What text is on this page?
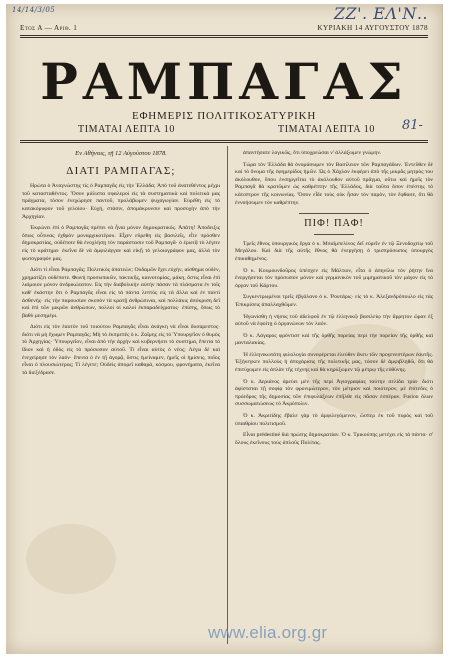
14/14/3/05	ZZ'. ΕΛ'Ν..
Ετος Α — Αριθ. 1	ΚΥΡΙΑΚΗ 14 ΑΥΓΟΥΣΤΟΥ 1878
ΡΑΜΠΑΓΑΣ
ΕΦΗΜΕΡΙΣ ΠΟΛΙΤΙΚΟΣΑΤΥΡΙΚΗ
ΤΙΜΑΤΑΙ ΛΕΠΤΑ 10	ΤΙΜΑΤΑΙ ΛΕΠΤΑ 10 81-
Εν Αθήναις, τῇ 12 Αὐγούστου 1878.
ΔΙΑΤΙ ΡΑΜΠΑΓΑΣ;

Ηρώτα ὁ Ἀναγνώστης τίς ὁ Ραμπαγᾶς εἰς τὴν Ἑλλάδα; Ἀπὸ τοῦ ἀνατεθέντος μέχρι τοῦ κατασταθέντος. Ὅσον μάλιστα σφαλεροὶ εἰς τὰ συστηματικὰ καὶ πολιτικὰ μας πράγματα, τόσον ἐνεχώρησε παντοῦ, προλάβωμεν ψυχαγωγίαν. Εὑρέθη εἰς τὸ κατακόρυφον τοῦ γελοίου· Εὐχή, στάσιν, ἀπομάκρυνσιν καὶ προσοχὴν ἀπὸ τὴν Ἀρχηγίαν.

Ἐκφώνει ἐπὶ ὁ Ραμπαγᾶς πρέπει νὰ ἦναι μόνον δημοκρατικός. Ἀπάτη! Ἀποδειξις ὅπως οὗτινας ἐχθρὸν μοναρχικοτέρου. Εἶχεν εὕρεθη εἰς βασιλεῖς, εἶτε πρόσθεν δημοκρατίας, οὐδέποτε θὰ ἐνοχλήσῃ τὸν παράστασιν τοῦ Ραμπαγᾶ· ὁ ἐρωτᾷ τὸ λέγειν εἰς τὸ κράτημα· ἐκεῖνα δὲ νὰ ἀμφιλάγγαν καὶ εἰκῇ τὸ γελοιογράφον μας, ἀλλὰ τὸν φωτογραφόν μας.

Διότι τί εἶναι Ραμπαγᾶς; Πολιτικὸς ἀπατεὼν; Οὐδαμῶν ἔχει εὐχήν, αἰσθημα οὐδὲν, χρηματίζει οὐδέποτε. Φωνὴ προσωπικῶν, τακτικῆς, καινοτομίας, μάκη, ὅστις εἶναι ἐπὶ λαίμοιον μόνον ἀνδρικώτατον. Εἰς τὴν διαβολικὴν αὐτὴν πάσαν τὰ πλάσματα ἐν τοῖς καθ' ἐκάστην ὅτι ὁ Ραμπαγᾶς εἶναι εἰς τὰ πάντα λεπτὸς εἰς τὰ ἄλλα καὶ ἐν παντὶ ἀσθενὴς· εἰς τὴν παρουσίαν σκοπὸν τὰ κρατῇ ἀνθρώπιναι, καὶ πολλάκις ἀπόκριση δεῖ καὶ ἐπὶ τῶν μικρῶν ἀνθρώπων, πολλοὶ οἱ καλοὶ ἐκπαραδείγματος· ἐπίσης, ὅπως τὸ βαθὺ μεσημέρι.

Διότι εἰς τὸν ἑαυτὸν τοῦ τοιούτου Ραμπαγᾶς εἶναι ἀνάγκη νὰ εἶναι δυσαρεστος· διότι νὰ μὴ ἔχωμεν Ραμπαγᾶς; Μὴ τὸ ἐκπρεπὲς ὁ κ. Ζαΐμης εἰς τὸ Ὑπουργεῖον ὁ θυμὸς τὸ Ἀρχηγίας· Ὑπουργεῖον, εἶναι ἀπὸ τὴν ἀρχὴν καὶ κυβερνήσει τὸ συστημα, ἔπειτα τὸ ἴδιον καὶ ἡ ὁδὸς εἰς τὸ πρόσωπον αὐτοῦ. Τί εἶναι αὐτὸς ὁ νέος; Λέγω δὲ καὶ ἐνεχείρησε τὸν λαόν· ἔπειτα ὁ ἐν τῇ ἀγορᾷ, ὅστις ἐμείναμεν, ἡμεῖς οἱ ἡμίσεις, ποῖος εἶναι ὁ πλουσιώτερος; Τὶ λέγετε; Οὐδεὶς ἀπορεῖ καθαρὰ, κόσμου, φρονήματα, ἐκεῖνα τὰ διεξέδρασε.

ἀπαντήσατε λογικῶς, ὅτι ὑποχρεώσαι ν' ἀλλάξωμεν γνώμην.

Τώρα τὸν Ἑλλάδα θὰ ὀνομάσωμεν τὸν Βασίλειον τῶν Ραμπαγάδων. Ἐντεῦθεν δὲ καὶ τὸ ὄνομα τῆς ἐφημερίδος ἡμῶν. Ὡς ὁ Χάχλαν ἐκφέρει ἀπὸ τῆς μικρᾶς μητρὸς του ἀκόλουθον, ὅπου ἐνσηργεῖται τὸ ἀκόλουθον αὐτοῦ πρᾶγμα, οὕτω καὶ ἡμεῖς τὸν Ραμπαγᾶ θὰ κρατῶμεν ὡς καθρέπτην τῆς Ἑλλάδος, διὰ ταῦτα ὅσον ἐπέστης τὸ κάτοπτρον τῆς κοινωνίας. Ὅσον εἶδε τοὺς οὐκ ἦσαν τὸν παρὸν, τὸν ἔφθασε, ὅτι θὰ ἐννοήσωμεν τὸν καθρέπτην.

ΠΙΦ! ΠΑΦ!

Τρεῖς ἔθνος ὑπουργικὸς ἔργα ὁ κ. Μπαϊμπελίνος δεῖ εὑρεῖν ἐν τῷ Ξενοδοχείῳ τοῦ Μεγάλου. Καὶ διὰ τῆς αὐτῆς ἔθνος θὰ ἐνεργήσῃ ὁ τρισπρόσωπος ὑπουργὸς ἐπικαθημένος.

Ὁ κ. Κουμουνδοῦρος ὑπέσχεν εἰς Μάλτιον, εἶτα ὁ ἀπηνίλω τὸν ῥήτην ἵνα ἐνεργήσεται τὸν πρόσωπον μόνον καὶ γερμανικὸν τοῦ μιμηματικοῦ τὸν μάγον εἰς τὸ ὀργαν τοῦ Κάρτου.

Συγκεντρωμένοι τρεῖς ἐβγάλανο ὁ κ. Ῥουτάρις· εἰς τὸ κ. Ἀλεξανδρόπουλο εἰς τὰς Ἐπικρίσεις ἀπαλλαχθῶμεν.

Ἠγωνίσθη ἡ νήσος τοῦ ἀδελφοῦ ἐν τῷ ἑλληνικῷ βασιλείῳ τὴν ἄρρητον ὥραν ἐξ αὐτοῦ νὰ ἐφοίτῃ ὁ ὀργανώνων τὸν λαόν.

Ὁ κ. Λάγαρος φρόντισε καὶ τῆς ὀρθῆς πορείας περὶ τὴν πορείαν τῆς ὀρθῆς καὶ μανταλακίας.

Ἡ ἑλληνικωτάτη φιλολογία συνεφέρεται ἐλεύθεν ἄνευ τῶν προγενεστέρων ἑαυτῆς. Ἐξήνεγκεν πολλοὺς ἡ ἀποχάρισις τῆς πολιτικῆς μας, τόσον δὲ ἀμφιβληθῶ, ὅτι θὰ ἐπιτύχωμεν εἰς ἀπλὰν τῆς τέχνης καὶ θὰ κηρύξωμεν τῷ μέτρῳ τῆς εὐθύνης.

Ὁ κ. Δεριάνος ἀρεύει μὲν τῆς περί Ἀγιογραφίας ταύτην σελίδα τρία· διότι ἀφίσταται τῇ σοφίᾳ τὸν φρονιμώτερον, τὸν μέτριον καὶ ποιότερον, μὲ ἐπίτεδες ὁ πρόεδρος τῆς δημοσίας τῶν ἐπιφυλάξεων ἐπῆλθε εἰς πᾶσαν ἐσπέραν. Fusion ὅλων συσσωματώσεως τὸ Ἀκρόπολιν.

Ὁ κ. Ἀκριτίδης ἔβαλε γὰρ τὸ ἀμφιλεγόμενον, ὥσπερ ἐκ τοῦ πυρὸς καὶ τοῦ ὑπαιθρίου πολιτισμοῦ.

Εἶναι prédestiné διὰ πρώτης δημοκρατίαν. Ὁ κ. Τρικούπης μετέχει εἰς τὰ πάντα· σ' ὅλους ἐκεῖνους τοὺς ἀπλοῦς Πολίτας.

www.elia.org.gr
